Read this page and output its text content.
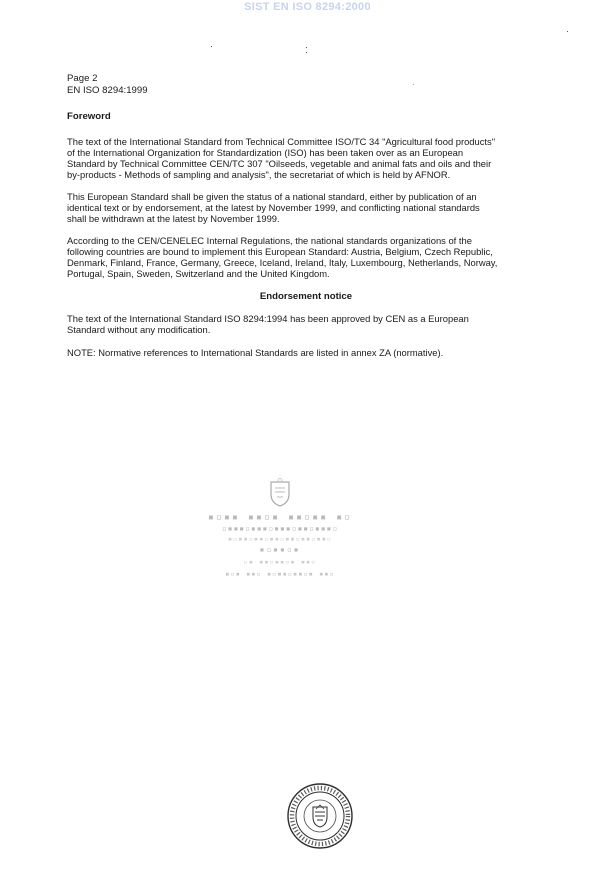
SIST EN ISO 8294:2000
Page 2
EN ISO 8294:1999
Foreword
The text of the International Standard from Technical Committee ISO/TC 34 "Agricultural food products"
of the International Organization for Standardization (ISO) has been taken over as an European
Standard by Technical Committee CEN/TC 307 "Oilseeds, vegetable and animal fats and oils and their
by-products - Methods of sampling and analysis", the secretariat of which is held by AFNOR.
This European Standard shall be given the status of a national standard, either by publication of an
identical text or by endorsement, at the latest by November 1999, and conflicting national standards
shall be withdrawn at the latest by November 1999.
According to the CEN/CENELEC Internal Regulations, the national standards organizations of the
following countries are bound to implement this European Standard: Austria, Belgium, Czech Republic,
Denmark, Finland, France, Germany, Greece, Iceland, Ireland, Italy, Luxembourg, Netherlands, Norway,
Portugal, Spain, Sweden, Switzerland and the United Kingdom.
Endorsement notice
The text of the International Standard ISO 8294:1994 has been approved by CEN as a European
Standard without any modification.
NOTE: Normative references to International Standards are listed in annex ZA (normative).
▪▫▪▪ ▪▪▫▪ ▪▪▫▪▪ ▪▫
▫▪▪▪▫▪▪▪▫▪▪▪▫▪▪▫▪▪▪▫
▪▫▪▪▫▪▪▫▪▪▫▪▪▫▪▪▫▪▪▫
▪▫▪▪▫▪
▫▪ ▪▪▫▪▪▫▪ ▪▪▫
▪▫▪ ▪▪▫ ▪▫▪▪▫▪▪▫▪ ▪▪▫
